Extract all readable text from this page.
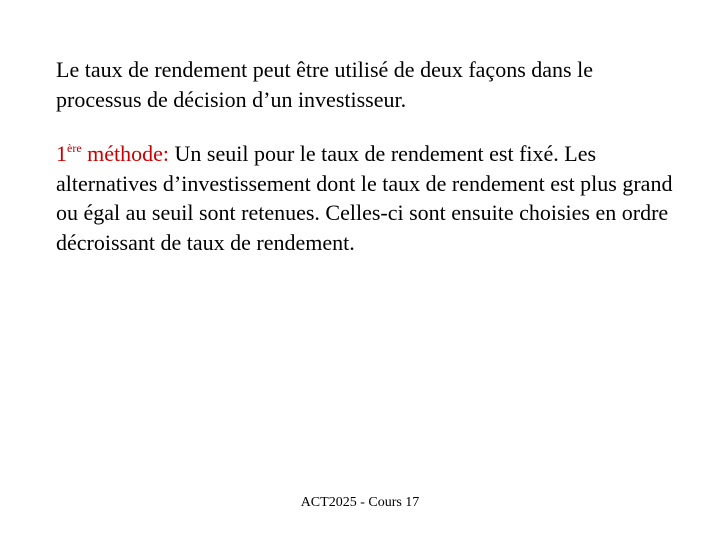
Le taux de rendement peut être utilisé de deux façons dans le processus de décision d’un investisseur.

1ère méthode: Un seuil pour le taux de rendement est fixé. Les alternatives d’investissement dont le taux de rendement est plus grand ou égal au seuil sont retenues. Celles-ci sont ensuite choisies en ordre décroissant de taux de rendement.

ACT2025 - Cours 17
